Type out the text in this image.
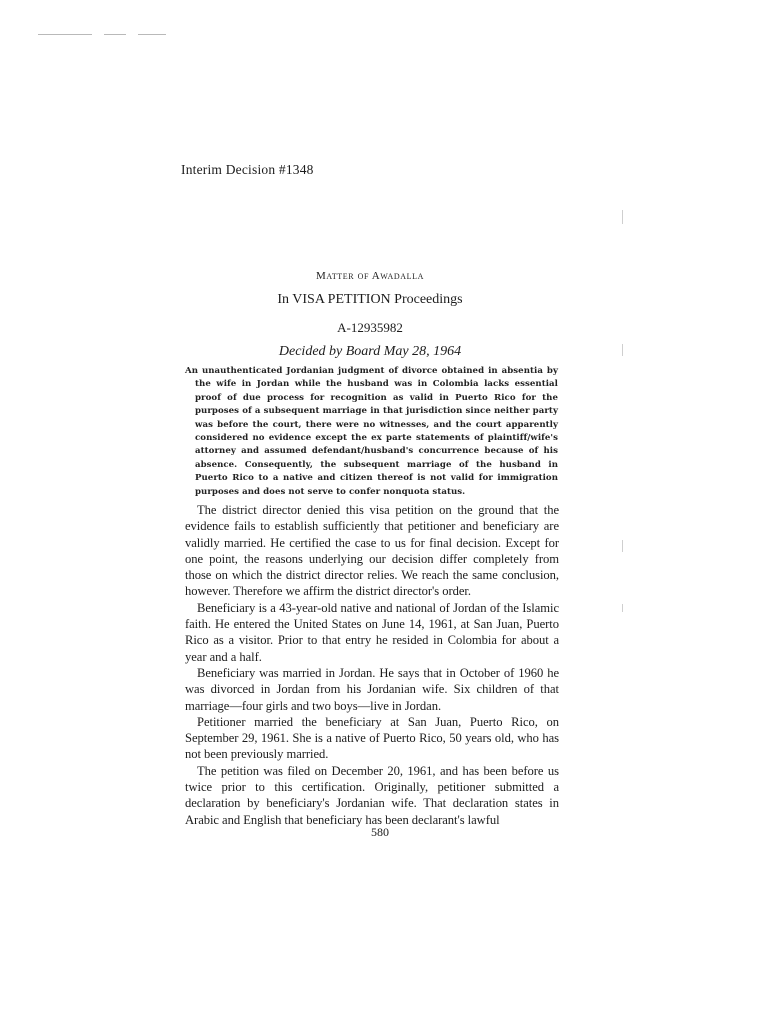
Interim Decision #1348
Matter of Awadalla
In VISA PETITION Proceedings
A-12935982
Decided by Board May 28, 1964
An unauthenticated Jordanian judgment of divorce obtained in absentia by the wife in Jordan while the husband was in Colombia lacks essential proof of due process for recognition as valid in Puerto Rico for the purposes of a subsequent marriage in that jurisdiction since neither party was before the court, there were no witnesses, and the court apparently considered no evidence except the ex parte statements of plaintiff/wife's attorney and assumed defendant/husband's concurrence because of his absence. Consequently, the subsequent marriage of the husband in Puerto Rico to a native and citizen thereof is not valid for immigration purposes and does not serve to confer nonquota status.

The district director denied this visa petition on the ground that the evidence fails to establish sufficiently that petitioner and beneficiary are validly married. He certified the case to us for final decision. Except for one point, the reasons underlying our decision differ completely from those on which the district director relies. We reach the same conclusion, however. Therefore we affirm the district director's order.

Beneficiary is a 43-year-old native and national of Jordan of the Islamic faith. He entered the United States on June 14, 1961, at San Juan, Puerto Rico as a visitor. Prior to that entry he resided in Colombia for about a year and a half.

Beneficiary was married in Jordan. He says that in October of 1960 he was divorced in Jordan from his Jordanian wife. Six children of that marriage—four girls and two boys—live in Jordan.

Petitioner married the beneficiary at San Juan, Puerto Rico, on September 29, 1961. She is a native of Puerto Rico, 50 years old, who has not been previously married.

The petition was filed on December 20, 1961, and has been before us twice prior to this certification. Originally, petitioner submitted a declaration by beneficiary's Jordanian wife. That declaration states in Arabic and English that beneficiary has been declarant's lawful

580
